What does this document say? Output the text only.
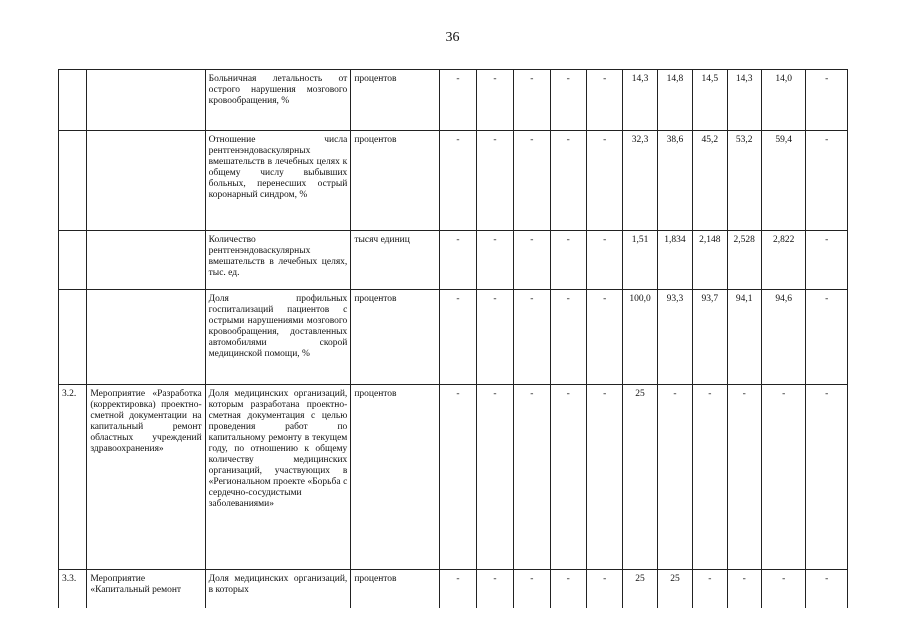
36
		Больничная летальность от острого нарушения мозгового кровообращения, %	процентов	-	-	-	-	-	14,3	14,8	14,5	14,3	14,0	-
		Отношение числа рентгенэндоваскулярных вмешательств в лечебных целях к общему числу выбывших больных, перенесших острый коронарный синдром, %	процентов	-	-	-	-	-	32,3	38,6	45,2	53,2	59,4	-
		Количество рентгенэндоваскулярных вмешательств в лечебных целях, тыс. ед.	тысяч единиц	-	-	-	-	-	1,51	1,834	2,148	2,528	2,822	-
		Доля профильных госпитализаций пациентов с острыми нарушениями мозгового кровообращения, доставленных автомобилями скорой медицинской помощи, %	процентов	-	-	-	-	-	100,0	93,3	93,7	94,1	94,6	-
3.2.	Мероприятие «Разработка (корректировка) проектно-сметной документации на капитальный ремонт областных учреждений здравоохранения»	Доля медицинских организаций, которым разработана проектно-сметная документация с целью проведения работ по капитальному ремонту в текущем году, по отношению к общему количеству медицинских организаций, участвующих в «Региональном проекте «Борьба с сердечно-сосудистыми заболеваниями»	процентов	-	-	-	-	-	25	-	-	-	-	-
3.3.	Мероприятие «Капитальный ремонт	Доля медицинских организаций, в которых	процентов	-	-	-	-	-	25	25	-	-	-	-
